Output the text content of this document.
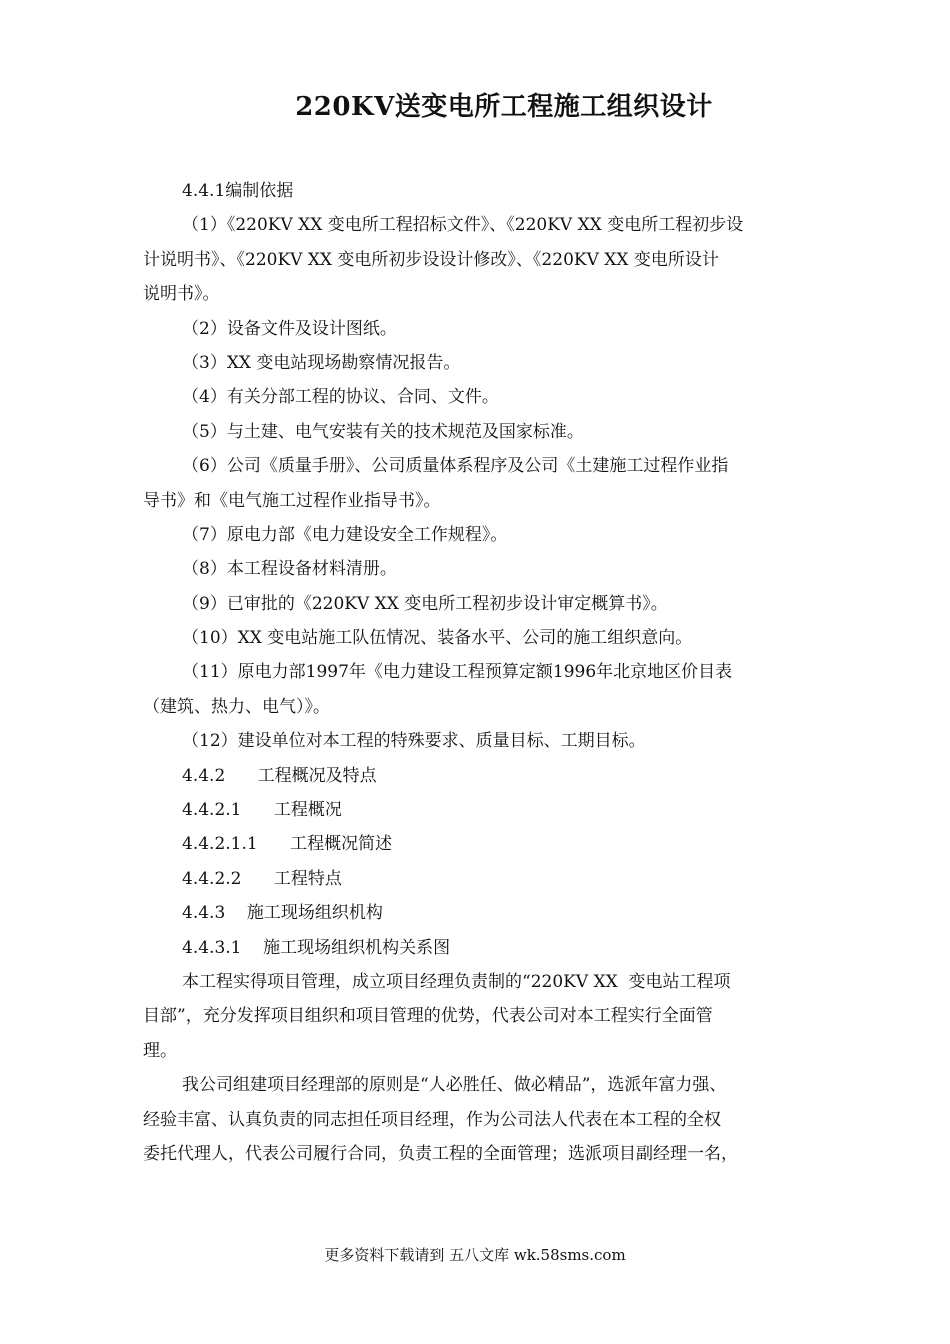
220KV送变电所工程施工组织设计
4.4.1编制依据
（1）《220KV XX 变电所工程招标文件》、《220KV XX 变电所工程初步设
计说明书》、《220KV XX 变电所初步设设计修改》、《220KV XX 变电所设计
说明书》。
（2）设备文件及设计图纸。
（3）XX 变电站现场勘察情况报告。
（4）有关分部工程的协议、合同、文件。
（5）与土建、电气安装有关的技术规范及国家标准。
（6）公司《质量手册》、公司质量体系程序及公司《土建施工过程作业指
导书》和《电气施工过程作业指导书》。
（7）原电力部《电力建设安全工作规程》。
（8）本工程设备材料清册。
（9）已审批的《220KV XX 变电所工程初步设计审定概算书》。
（10）XX 变电站施工队伍情况、装备水平、公司的施工组织意向。
（11）原电力部1997年《电力建设工程预算定额1996年北京地区价目表
（建筑、热力、电气）》。
（12）建设单位对本工程的特殊要求、质量目标、工期目标。
4.4.2      工程概况及特点
4.4.2.1      工程概况
4.4.2.1.1      工程概况简述
4.4.2.2      工程特点
4.4.3    施工现场组织机构
4.4.3.1    施工现场组织机构关系图
本工程实得项目管理，成立项目经理负责制的“220KV XX  变电站工程项
目部”，充分发挥项目组织和项目管理的优势，代表公司对本工程实行全面管
理。
我公司组建项目经理部的原则是“人必胜任、做必精品”，选派年富力强、
经验丰富、认真负责的同志担任项目经理，作为公司法人代表在本工程的全权
委托代理人，代表公司履行合同，负责工程的全面管理；选派项目副经理一名，
更多资料下载请到 五八文库 wk.58sms.com
